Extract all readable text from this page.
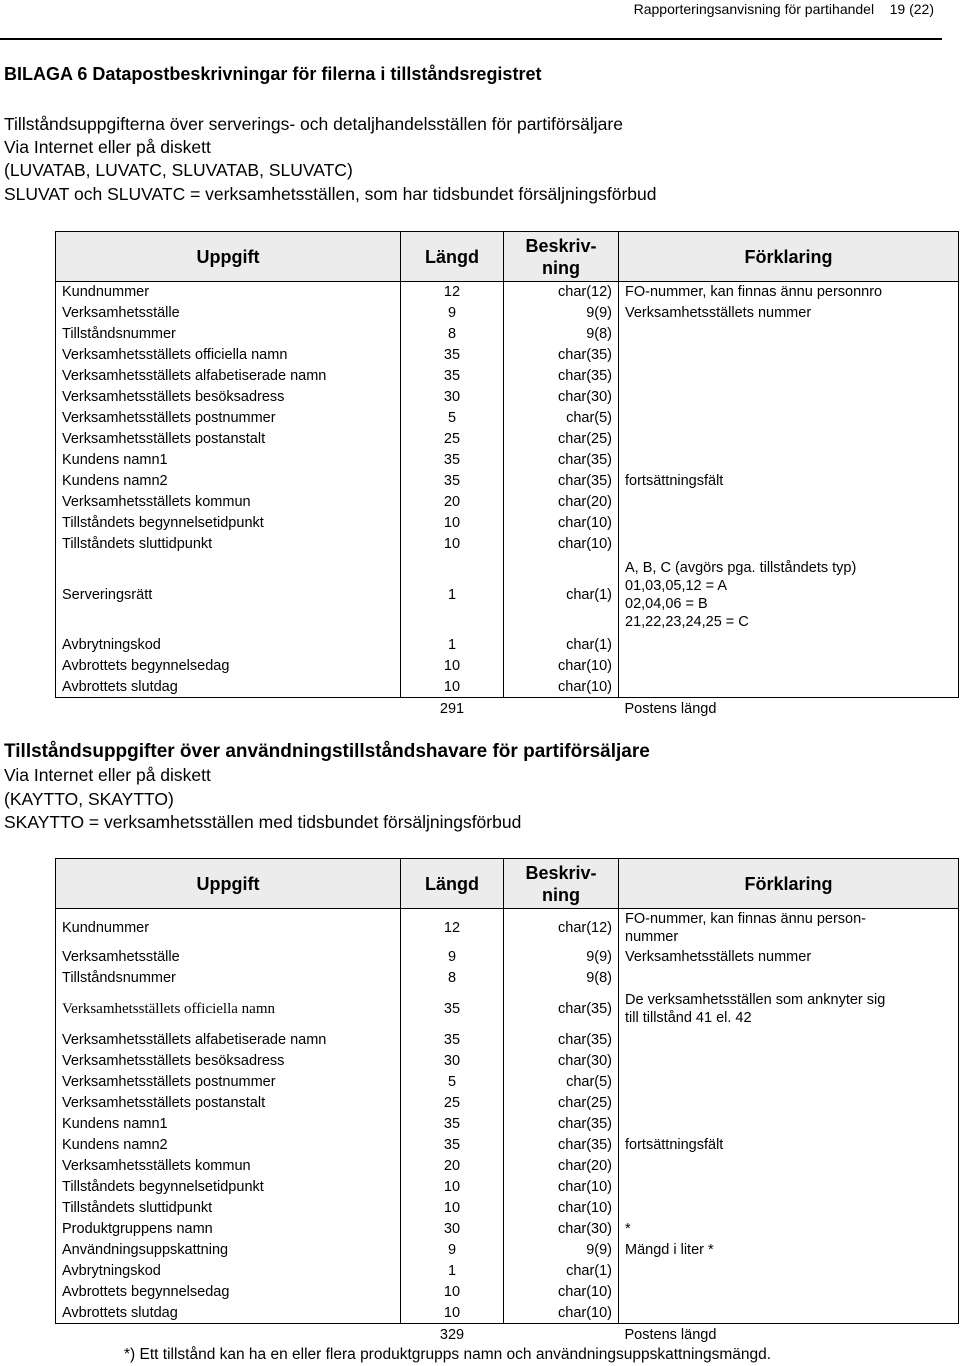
Rapporteringsanvisning för partihandel    19 (22)
BILAGA 6 Datapostbeskrivningar för filerna i tillståndsregistret
Tillståndsuppgifterna över serverings- och detaljhandelsställen för partiförsäljare
Via Internet eller på diskett
(LUVATAB, LUVATC, SLUVATAB, SLUVATC)
SLUVAT och SLUVATC = verksamhetsställen, som har tidsbundet försäljningsförbud
Uppgift	Längd	Beskriv-
ning	Förklaring
Kundnummer	12	char(12)	FO-nummer, kan finnas ännu personnro
Verksamhetsställe	9	9(9)	Verksamhetsställets nummer
Tillståndsnummer	8	9(8)	
Verksamhetsställets officiella namn	35	char(35)	
Verksamhetsställets alfabetiserade namn	35	char(35)	
Verksamhetsställets besöksadress	30	char(30)	
Verksamhetsställets postnummer	5	char(5)	
Verksamhetsställets postanstalt	25	char(25)	
Kundens namn1	35	char(35)	
Kundens namn2	35	char(35)	fortsättningsfält
Verksamhetsställets kommun	20	char(20)	
Tillståndets begynnelsetidpunkt	10	char(10)	
Tillståndets sluttidpunkt	10	char(10)	
Serveringsrätt	1	char(1)	A, B, C (avgörs pga. tillståndets typ)
01,03,05,12 = A
02,04,06 = B
21,22,23,24,25 = C
Avbrytningskod	1	char(1)	
Avbrottets begynnelsedag	10	char(10)	
Avbrottets slutdag	10	char(10)	
	291		Postens längd
Tillståndsuppgifter över användningstillståndshavare för partiförsäljare
Via Internet eller på diskett
(KAYTTO, SKAYTTO)
SKAYTTO = verksamhetsställen med tidsbundet försäljningsförbud
Uppgift	Längd	Beskriv-
ning	Förklaring
Kundnummer	12	char(12)	FO-nummer, kan finnas ännu person-
nummer
Verksamhetsställe	9	9(9)	Verksamhetsställets nummer
Tillståndsnummer	8	9(8)	
Verksamhetsställets officiella namn	35	char(35)	De verksamhetsställen som anknyter sig
till tillstånd 41 el. 42
Verksamhetsställets alfabetiserade namn	35	char(35)	
Verksamhetsställets besöksadress	30	char(30)	
Verksamhetsställets postnummer	5	char(5)	
Verksamhetsställets postanstalt	25	char(25)	
Kundens namn1	35	char(35)	
Kundens namn2	35	char(35)	fortsättningsfält
Verksamhetsställets kommun	20	char(20)	
Tillståndets begynnelsetidpunkt	10	char(10)	
Tillståndets sluttidpunkt	10	char(10)	
Produktgruppens namn	30	char(30)	*
Användningsuppskattning	9	9(9)	Mängd i liter *
Avbrytningskod	1	char(1)	
Avbrottets begynnelsedag	10	char(10)	
Avbrottets slutdag	10	char(10)	
	329		Postens längd
*) Ett tillstånd kan ha en eller flera produktgrupps namn och användningsuppskattningsmängd.
